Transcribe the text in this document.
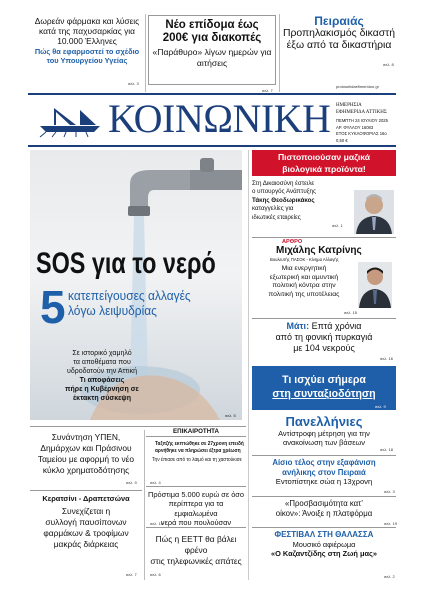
Δωρεάν φάρμακα και λύσεις κατά της παχυσαρκίας για 10.000 Έλληνες
Πώς θα εφαρμοστεί το σχέδιο του Υπουργείου Υγείας
σελ. 3
Νέο επίδομα έως
200€ για διακοπές
«Παράθυρο» λίγων ημερών για αιτήσεις
σελ. 7
Πειραιάς
Προπηλακισμός δικαστή έξω από τα δικαστήρια
σελ. 8
protoselidaefimeridon.gr
ΚΟΙΝΩΝΙΚΗ ΗΜΕΡΗΣΙΑ
ΕΦΗΜΕΡΙΔΑ ΑΤΤΙΚΗΣ
ΠΕΜΠΤΗ 24 ΙΟΥΛΙΟΥ 2025
ΑΡ. ΦΥΛΛΟΥ 16083
ΕΤΟΣ ΚΥΚΛΟΦΟΡΙΑΣ 16ο
0,50 €
SOS για το νερό
5 κατεπείγουσες αλλαγές
λόγω λειψυδρίας
Σε ιστορικό χαμηλό
τα αποθέματα που
υδροδοτούν την Αττική
Τι αποφάσεις
πήρε η Κυβέρνηση σε
έκτακτη σύσκεψη
σελ. 5
Πιστοποιούσαν μαζικά
βιολογικά προϊόντα!
Στη Δικαιοσύνη έστειλε
ο υπουργός Ανάπτυξης
Τάκης Θεοδωρικάκος
καταγγελίες για
ιδιωτικές εταιρείες
σελ. 1
ΑΡΘΡΟ
Μιχάλης Κατρίνης
Βουλευτής ΠΑΣΟΚ - Κίνημα Αλλαγής
Μια ενεργητική
εξωτερική και αμυντική
πολιτική κόντρα στην
πολιτική της υποτέλειας
σελ. 15
Μάτι: Επτά χρόνια
από τη φονική πυρκαγιά
με 104 νεκρούς
σελ. 16
Τι ισχύει σήμερα
στη συνταξιοδότηση
σελ. 9
Πανελλήνιες
Αντίστροφη μέτρηση για την
ανακοίνωση των βάσεων
σελ. 18
Αίσιο τέλος στην εξαφάνιση
ανήλικης στον Πειραιά
Εντοπίστηκε σώα η 13χρονη
σελ. 3
«Προσβασιμότητα κατ’
οίκον»: Άνοιξε η πλατφόρμα
σελ. 19
ΦΕΣΤΙΒΑΛ ΣΤΗ ΘΑΛΑΣΣΑ
Μουσικό αφιέρωμα
«Ο Καζαντζίδης στη Ζωή μας»
σελ. 2
Συνάντηση ΥΠΕΝ,
Δημάρχων και Πράσινου
Ταμείου με αφορμή το νέο
κύκλο χρηματοδότησης
σελ. 9
Κερατσίνι - Δραπετσώνα
Συνεχίζεται η
συλλογή παυσίπονων
φαρμάκων & τροφίμων
μακράς διάρκειας
σελ. 7
ΕΠΙΚΑΙΡΟΤΗΤΑ
Ταξιτζής εκπτώθηκε σε 27χρονη επειδή
αρνήθηκε να πληρώσει έξτρα χρέωση
Την έπιασε από το λαιμό και τη χαστούκισε
σελ. 4
Πρόστιμα 5.000 ευρώ σε όσο
περίπτερα για τα εμφιαλωμένα
νερά που πουλούσαν
σελ. 16
Πώς η ΕΕΤΤ θα βάλει φρένο
στις τηλεφωνικές απάτες
σελ. 6
